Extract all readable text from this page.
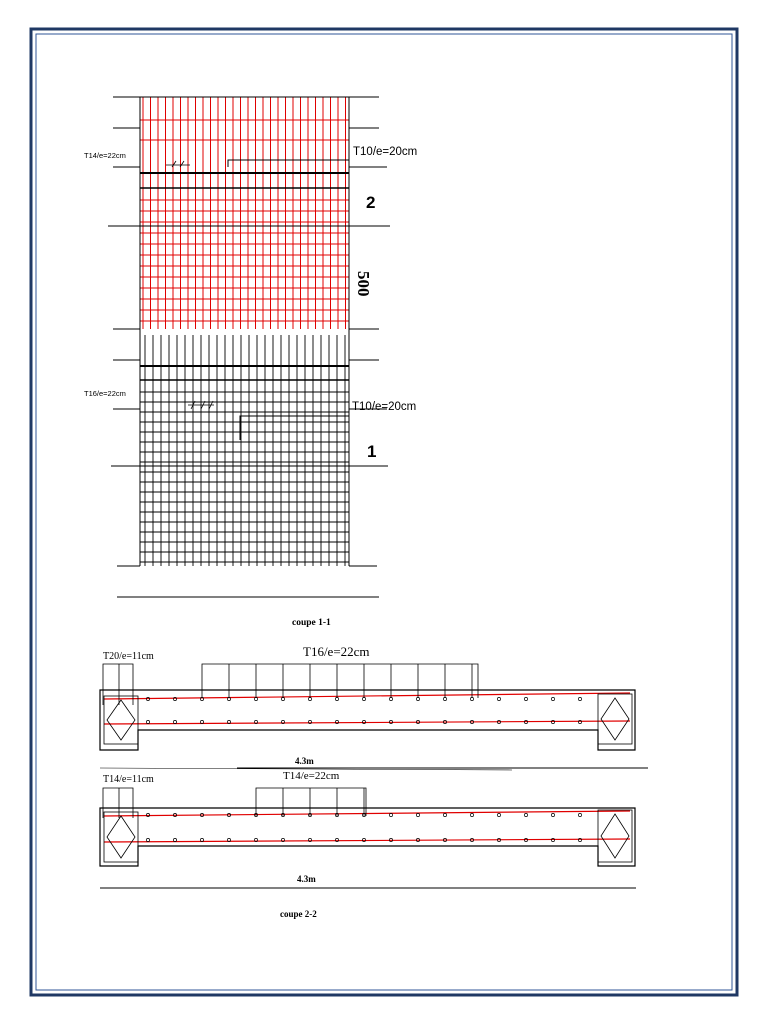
T14/e=22cm	T10/e=20cm
2
500
T16/e=22cm
T10/e=20cm
1
coupe 1-1
T20/e=11cm	T16/e=22cm
4.3m
T14/e=11cm	T14/e=22cm
4.3m
coupe 2-2
